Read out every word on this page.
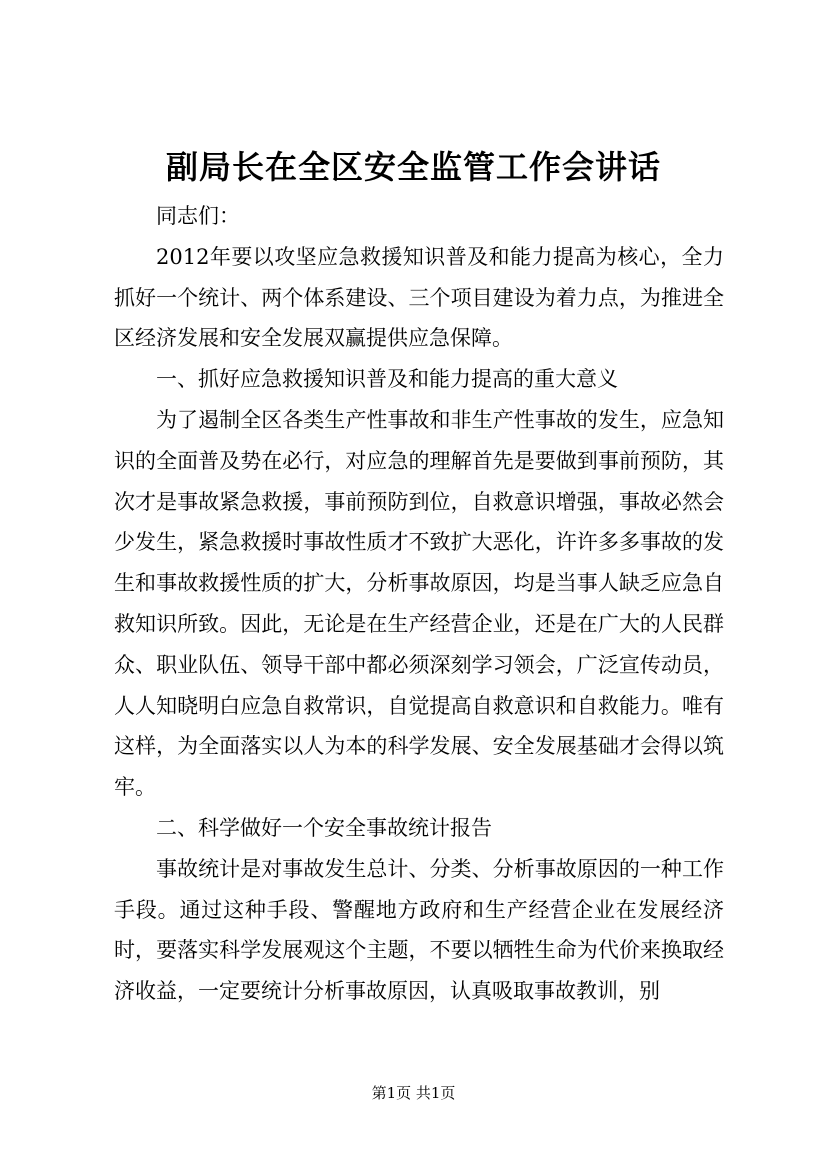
副局长在全区安全监管工作会讲话

同志们：

2012年要以攻坚应急救援知识普及和能力提高为核心，全力抓好一个统计、两个体系建设、三个项目建设为着力点，为推进全区经济发展和安全发展双赢提供应急保障。

一、抓好应急救援知识普及和能力提高的重大意义

为了遏制全区各类生产性事故和非生产性事故的发生，应急知识的全面普及势在必行，对应急的理解首先是要做到事前预防，其次才是事故紧急救援，事前预防到位，自救意识增强，事故必然会少发生，紧急救援时事故性质才不致扩大恶化，许许多多事故的发生和事故救援性质的扩大，分析事故原因，均是当事人缺乏应急自救知识所致。因此，无论是在生产经营企业，还是在广大的人民群众、职业队伍、领导干部中都必须深刻学习领会，广泛宣传动员，人人知晓明白应急自救常识，自觉提高自救意识和自救能力。唯有这样，为全面落实以人为本的科学发展、安全发展基础才会得以筑牢。

二、科学做好一个安全事故统计报告

事故统计是对事故发生总计、分类、分析事故原因的一种工作手段。通过这种手段、警醒地方政府和生产经营企业在发展经济时，要落实科学发展观这个主题，不要以牺牲生命为代价来换取经济收益，一定要统计分析事故原因，认真吸取事故教训，别

第1页 共1页
